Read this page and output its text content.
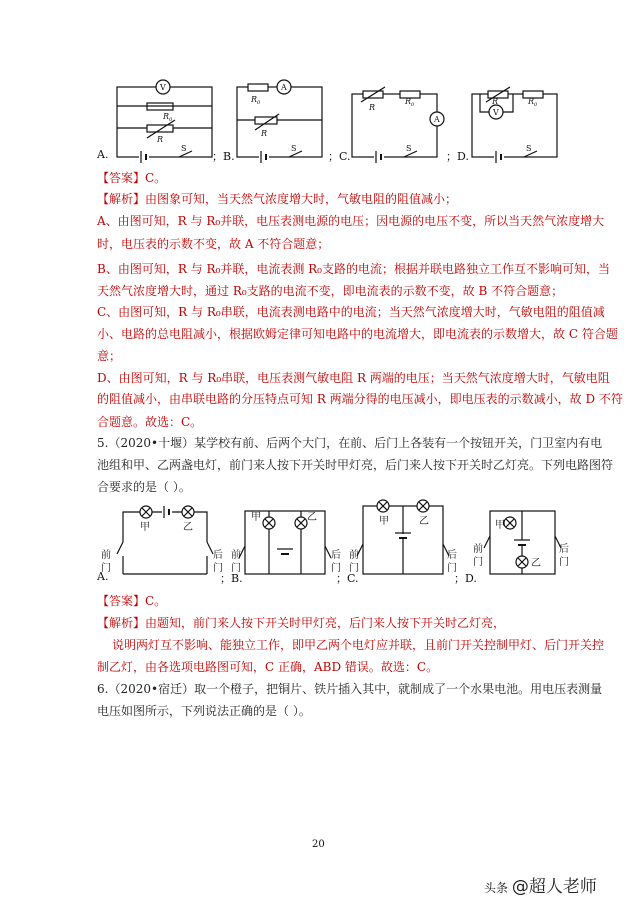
V
$R_0$
R
S
A
$R_0$
R
S
R
$R_0$
A
S
R	$R_0$
V
S
A.	；B.	；C.	；D.
【答案】C。
【解析】由图象可知，当天然气浓度增大时，气敏电阻的阻值减小；
A、由图可知，R 与 R₀并联，电压表测电源的电压；因电源的电压不变，所以当天然气浓度增大
时，电压表的示数不变，故 A 不符合题意；
B、由图可知，R 与 R₀并联，电流表测 R₀支路的电流；根据并联电路独立工作互不影响可知，当
天然气浓度增大时，通过 R₀支路的电流不变，即电流表的示数不变，故 B 不符合题意；
C、由图可知，R 与 R₀串联，电流表测电路中的电流；当天然气浓度增大时，气敏电阻的阻值减
小、电路的总电阻减小，根据欧姆定律可知电路中的电流增大，即电流表的示数增大，故 C 符合题
意；
D、由图可知，R 与 R₀串联，电压表测气敏电阻 R 两端的电压；当天然气浓度增大时，气敏电阻
的阻值减小，由串联电路的分压特点可知 R 两端分得的电压减小，即电压表的示数减小，故 D 不符
合题意。故选：C。
5.（2020•十堰）某学校有前、后两个大门，在前、后门上各装有一个按钮开关，门卫室内有电
池组和甲、乙两盏电灯，前门来人按下开关时甲灯亮，后门来人按下开关时乙灯亮。下列电路图符
合要求的是（ ）。
甲	乙
前
门
后
门
甲	乙
前
门
后
门
甲	乙
前
门
后
门
甲
乙
前
门
后
门
A.	；B.	；C.	；D.
【答案】C。
【解析】由题知，前门来人按下开关时甲灯亮，后门来人按下开关时乙灯亮，
说明两灯互不影响、能独立工作，即甲乙两个电灯应并联，且前门开关控制甲灯、后门开关控
制乙灯，由各选项电路图可知，C 正确，ABD 错误。故选：C。
6.（2020•宿迁）取一个橙子，把铜片、铁片插入其中，就制成了一个水果电池。用电压表测量
电压如图所示，下列说法正确的是（ ）。
20
头条 @超人老师
